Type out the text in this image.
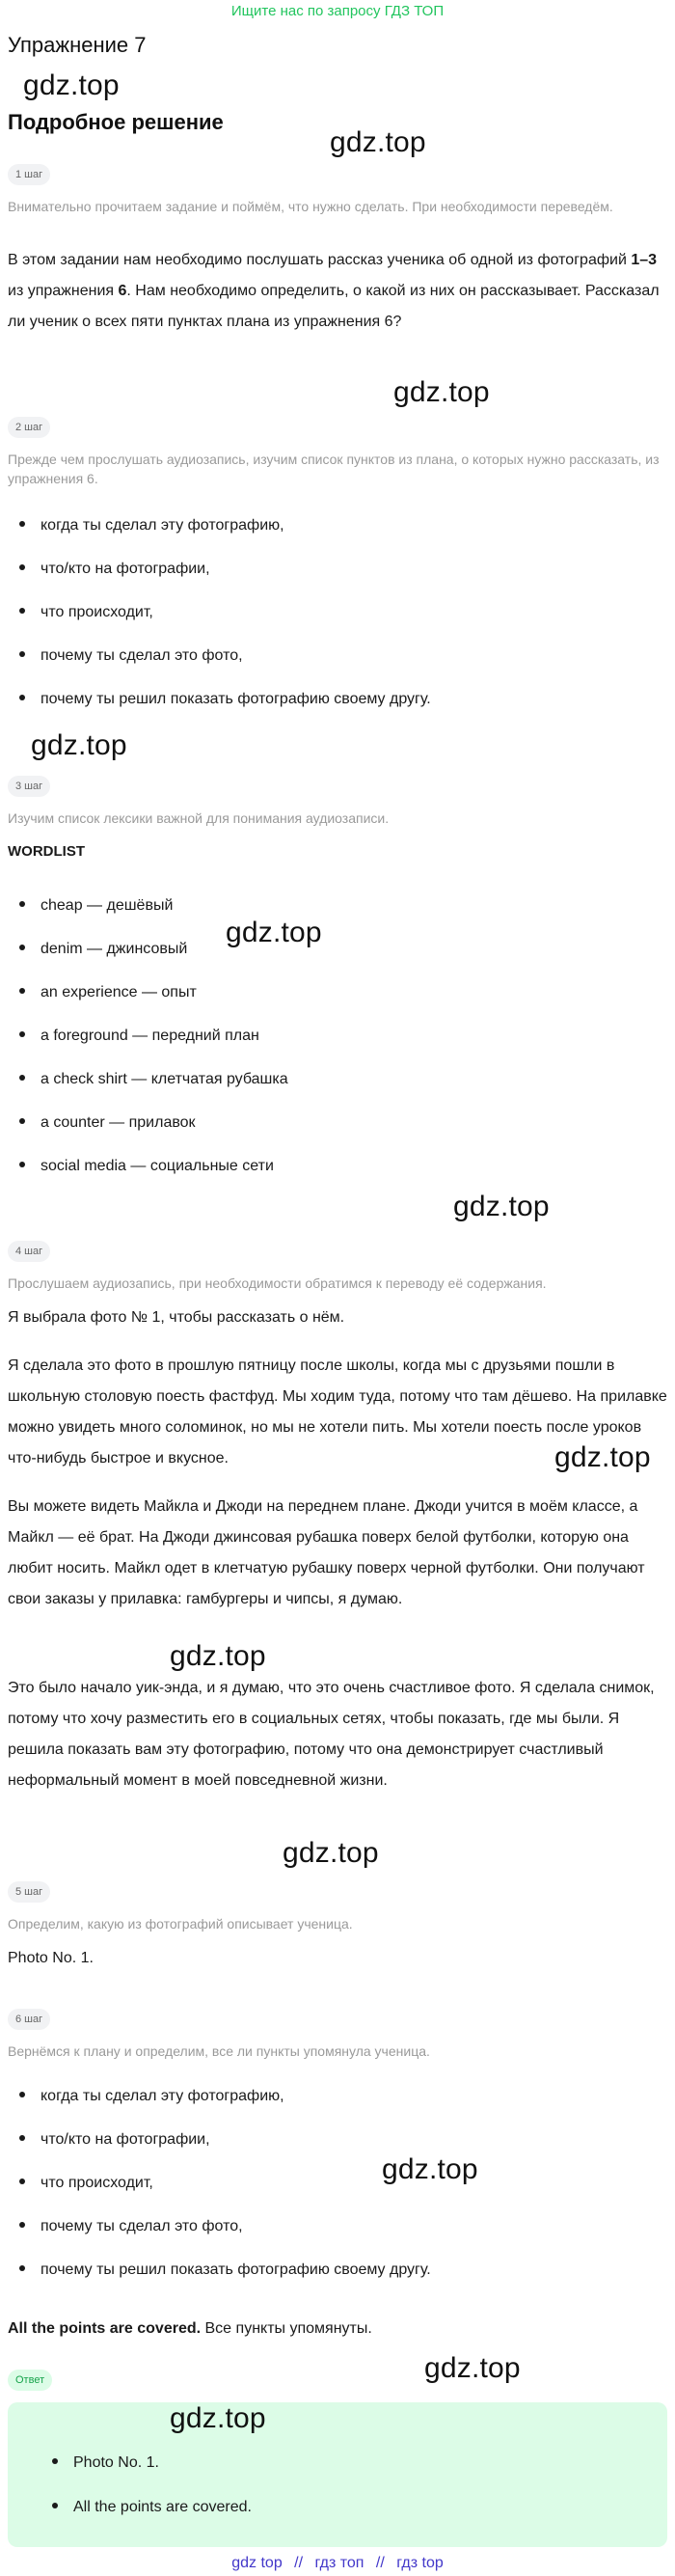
Ищите нас по запросу ГДЗ ТОП
Упражнение 7
gdz.top
Подробное решение
gdz.top
1 шаг
Внимательно прочитаем задание и поймём, что нужно сделать. При необходимости переведём.
В этом задании нам необходимо послушать рассказ ученика об одной из фотографий 1–3 из упражнения 6. Нам необходимо определить, о какой из них он рассказывает. Рассказал ли ученик о всех пяти пунктах плана из упражнения 6?
gdz.top
2 шаг
Прежде чем прослушать аудиозапись, изучим список пунктов из плана, о которых нужно рассказать, из упражнения 6.
когда ты сделал эту фотографию,
что/кто на фотографии,
что происходит,
почему ты сделал это фото,
почему ты решил показать фотографию своему другу.
gdz.top
3 шаг
Изучим список лексики важной для понимания аудиозаписи.
WORDLIST
cheap — дешёвый
gdz.top
denim — джинсовый
an experience — опыт
a foreground — передний план
a check shirt — клетчатая рубашка
a counter — прилавок
social media — социальные сети
gdz.top
4 шаг
Прослушаем аудиозапись, при необходимости обратимся к переводу её содержания.
Я выбрала фото № 1, чтобы рассказать о нём.
Я сделала это фото в прошлую пятницу после школы, когда мы с друзьями пошли в школьную столовую поесть фастфуд. Мы ходим туда, потому что там дёшево. На прилавке можно увидеть много соломинок, но мы не хотели пить. Мы хотели поесть после уроков что-нибудь быстрое и вкусное.	gdz.top
Вы можете видеть Майкла и Джоди на переднем плане. Джоди учится в моём классе, а Майкл — её брат. На Джоди джинсовая рубашка поверх белой футболки, которую она любит носить. Майкл одет в клетчатую рубашку поверх черной футболки. Они получают свои заказы у прилавка: гамбургеры и чипсы, я думаю.
gdz.top
Это было начало уик-энда, и я думаю, что это очень счастливое фото. Я сделала снимок, потому что хочу разместить его в социальных сетях, чтобы показать, где мы были. Я решила показать вам эту фотографию, потому что она демонстрирует счастливый неформальный момент в моей повседневной жизни.
gdz.top
5 шаг
Определим, какую из фотографий описывает ученица.
Photo No. 1.
6 шаг
Вернёмся к плану и определим, все ли пункты упомянула ученица.
когда ты сделал эту фотографию,
что/кто на фотографии,
gdz.top
что происходит,
почему ты сделал это фото,
почему ты решил показать фотографию своему другу.
All the points are covered. Все пункты упомянуты.
gdz.top
Ответ
gdz.top
Photo No. 1.
All the points are covered.
gdz top // гдз топ // гдз top
